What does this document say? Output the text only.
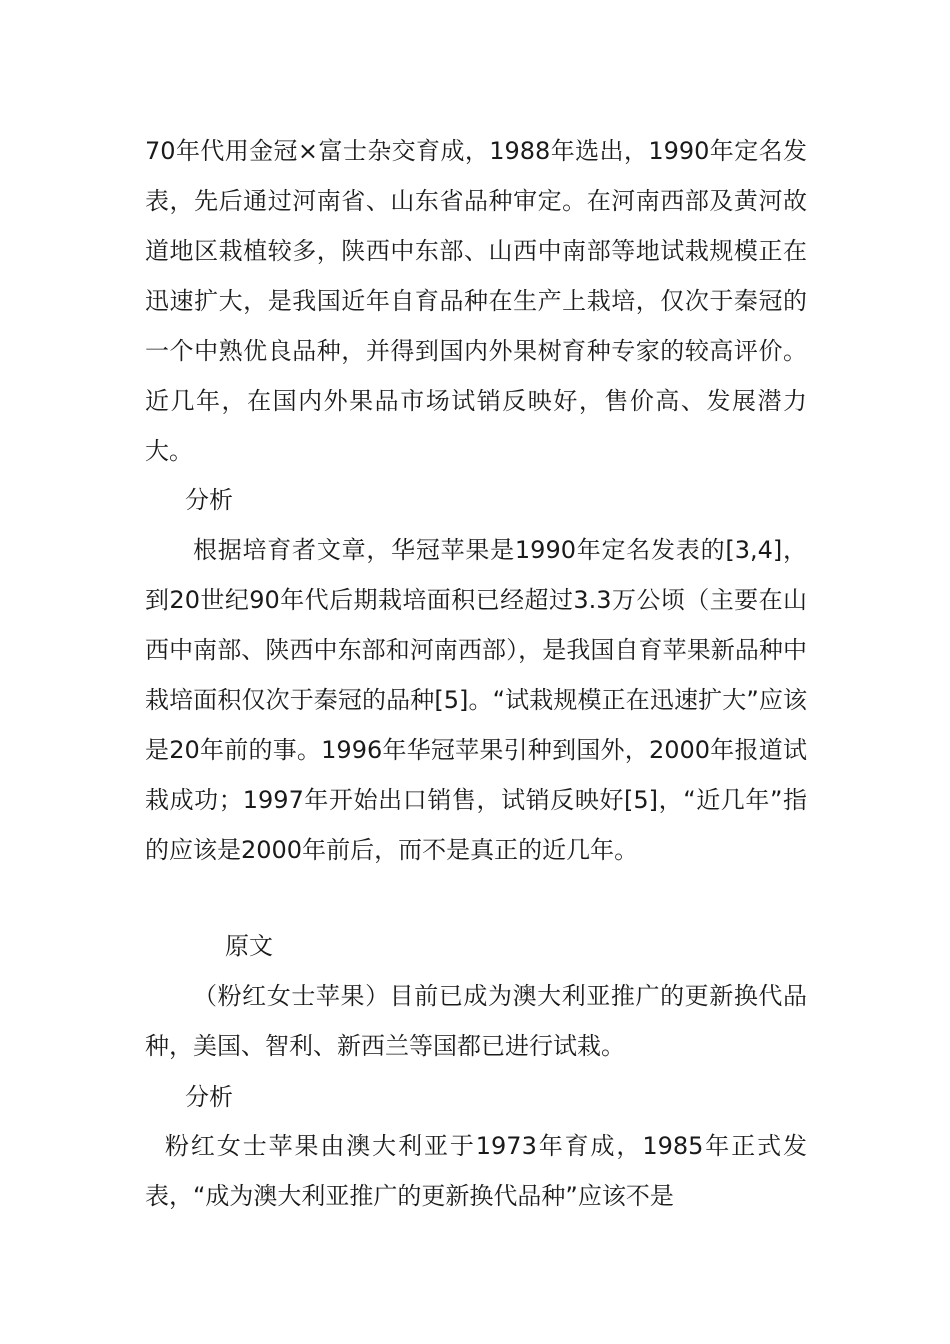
70年代用金冠×富士杂交育成，1988年选出，1990年定名发表，先后通过河南省、山东省品种审定。在河南西部及黄河故道地区栽植较多，陕西中东部、山西中南部等地试栽规模正在迅速扩大，是我国近年自育品种在生产上栽培，仅次于秦冠的一个中熟优良品种，并得到国内外果树育种专家的较高评价。近几年，在国内外果品市场试销反映好，售价高、发展潜力大。

分析

根据培育者文章，华冠苹果是1990年定名发表的[3,4]，到20世纪90年代后期栽培面积已经超过3.3万公顷（主要在山西中南部、陕西中东部和河南西部），是我国自育苹果新品种中栽培面积仅次于秦冠的品种[5]。“试栽规模正在迅速扩大”应该是20年前的事。1996年华冠苹果引种到国外，2000年报道试栽成功；1997年开始出口销售，试销反映好[5]，“近几年”指的应该是2000年前后，而不是真正的近几年。

原文

（粉红女士苹果）目前已成为澳大利亚推广的更新换代品种，美国、智利、新西兰等国都已进行试栽。

分析

粉红女士苹果由澳大利亚于1973年育成，1985年正式发表，“成为澳大利亚推广的更新换代品种”应该不是
